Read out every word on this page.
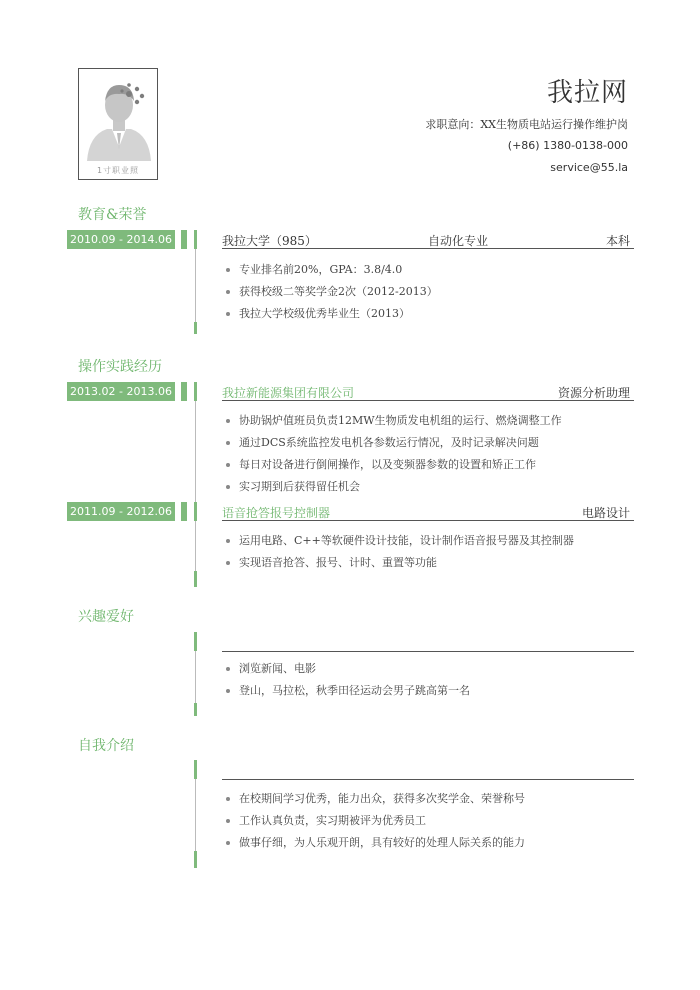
1寸职业照
我拉网
求职意向：XX生物质电站运行操作维护岗
(+86) 1380-0138-000
service@55.la
教育&荣誉
2010.09 - 2014.06	我拉大学（985）	自动化专业	本科
专业排名前20%，GPA：3.8/4.0
获得校级二等奖学金2次（2012-2013）
我拉大学校级优秀毕业生（2013）
操作实践经历
2013.02 - 2013.06	我拉新能源集团有限公司	资源分析助理
协助锅炉值班员负责12MW生物质发电机组的运行、燃烧调整工作
通过DCS系统监控发电机各参数运行情况，及时记录解决问题
每日对设备进行倒闸操作，以及变频器参数的设置和矫正工作
实习期到后获得留任机会
2011.09 - 2012.06	语音抢答报号控制器	电路设计
运用电路、C++等软硬件设计技能，设计制作语音报号器及其控制器
实现语音抢答、报号、计时、重置等功能
兴趣爱好
浏览新闻、电影
登山，马拉松，秋季田径运动会男子跳高第一名
自我介绍
在校期间学习优秀，能力出众，获得多次奖学金、荣誉称号
工作认真负责，实习期被评为优秀员工
做事仔细，为人乐观开朗，具有较好的处理人际关系的能力
